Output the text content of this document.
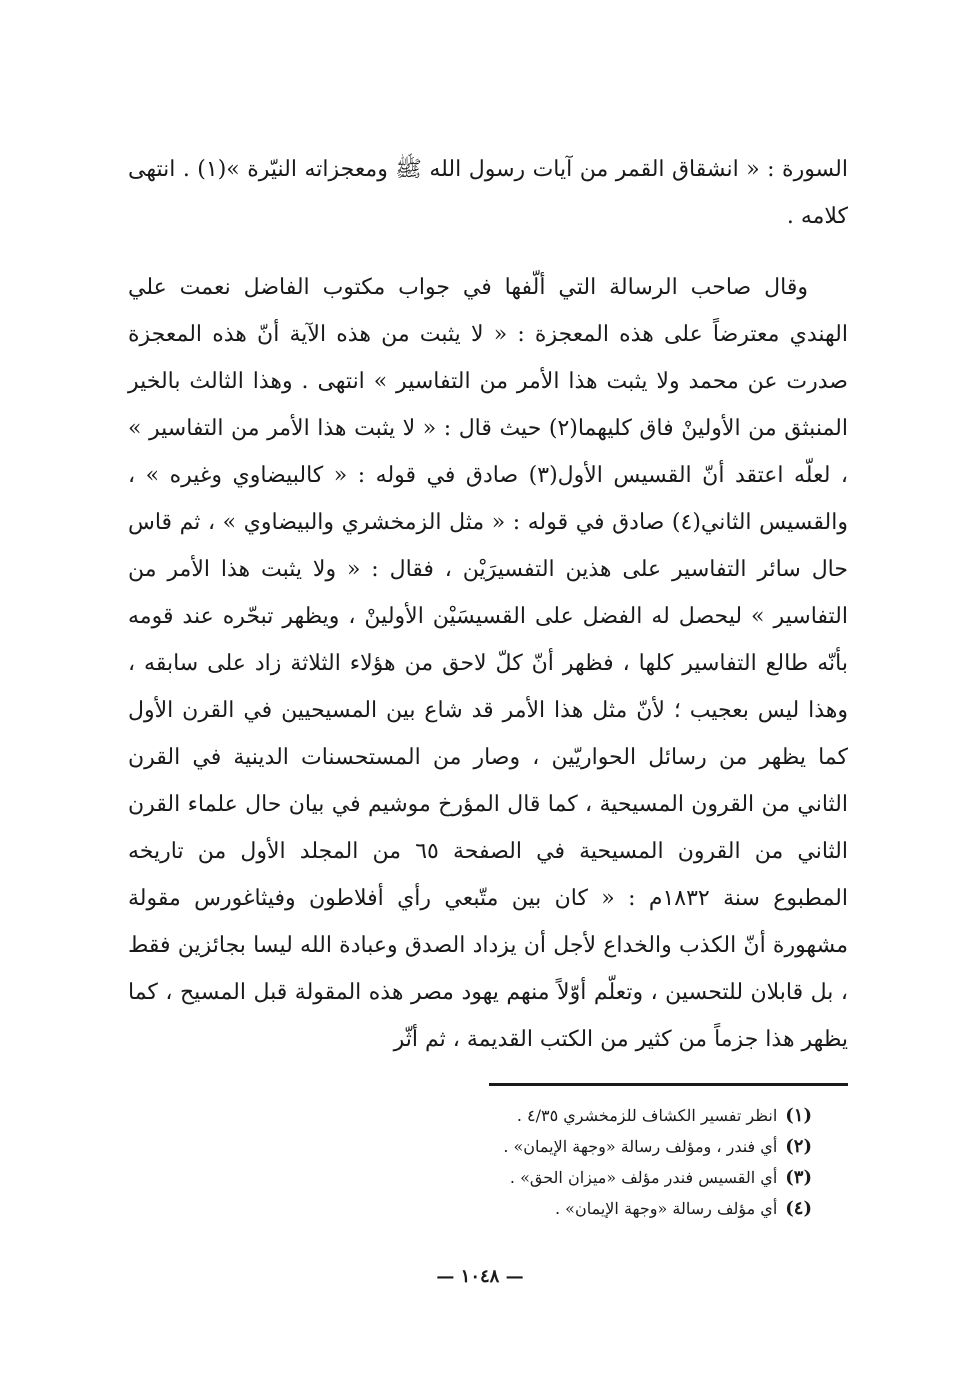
السورة : « انشقاق القمر من آيات رسول الله ﷺ ومعجزاته النيّرة »(١) . انتهى كلامه .

وقال صاحب الرسالة التي ألّفها في جواب مكتوب الفاضل نعمت علي الهندي معترضاً على هذه المعجزة : « لا يثبت من هذه الآية أنّ هذه المعجزة صدرت عن محمد ولا يثبت هذا الأمر من التفاسير » انتهى . وهذا الثالث بالخير المنبثق من الأولينْ فاق كليهما(٢) حيث قال : « لا يثبت هذا الأمر من التفاسير » ، لعلّه اعتقد أنّ القسيس الأول(٣) صادق في قوله : « كالبيضاوي وغيره » ، والقسيس الثاني(٤) صادق في قوله : « مثل الزمخشري والبيضاوي » ، ثم قاس حال سائر التفاسير على هذين التفسيرَيْن ، فقال : « ولا يثبت هذا الأمر من التفاسير » ليحصل له الفضل على القسيسَيْن الأولينْ ، ويظهر تبحّره عند قومه بأنّه طالع التفاسير كلها ، فظهر أنّ كلّ لاحق من هؤلاء الثلاثة زاد على سابقه ، وهذا ليس بعجيب ؛ لأنّ مثل هذا الأمر قد شاع بين المسيحيين في القرن الأول كما يظهر من رسائل الحواريّين ، وصار من المستحسنات الدينية في القرن الثاني من القرون المسيحية ، كما قال المؤرخ موشيم في بيان حال علماء القرن الثاني من القرون المسيحية في الصفحة ٦٥ من المجلد الأول من تاريخه المطبوع سنة ١٨٣٢م : « كان بين متّبعي رأي أفلاطون وفيثاغورس مقولة مشهورة أنّ الكذب والخداع لأجل أن يزداد الصدق وعبادة الله ليسا بجائزين فقط ، بل قابلان للتحسين ، وتعلّم أوّلاً منهم يهود مصر هذه المقولة قبل المسيح ، كما يظهر هذا جزماً من كثير من الكتب القديمة ، ثم أثّر

(١)انظر تفسير الكشاف للزمخشري ٤/٣٥ .
(٢)أي فندر ، ومؤلف رسالة «وجهة الإيمان» .
(٣)أي القسيس فندر مؤلف «ميزان الحق» .
(٤)أي مؤلف رسالة «وجهة الإيمان» .
— ١٠٤٨ —
